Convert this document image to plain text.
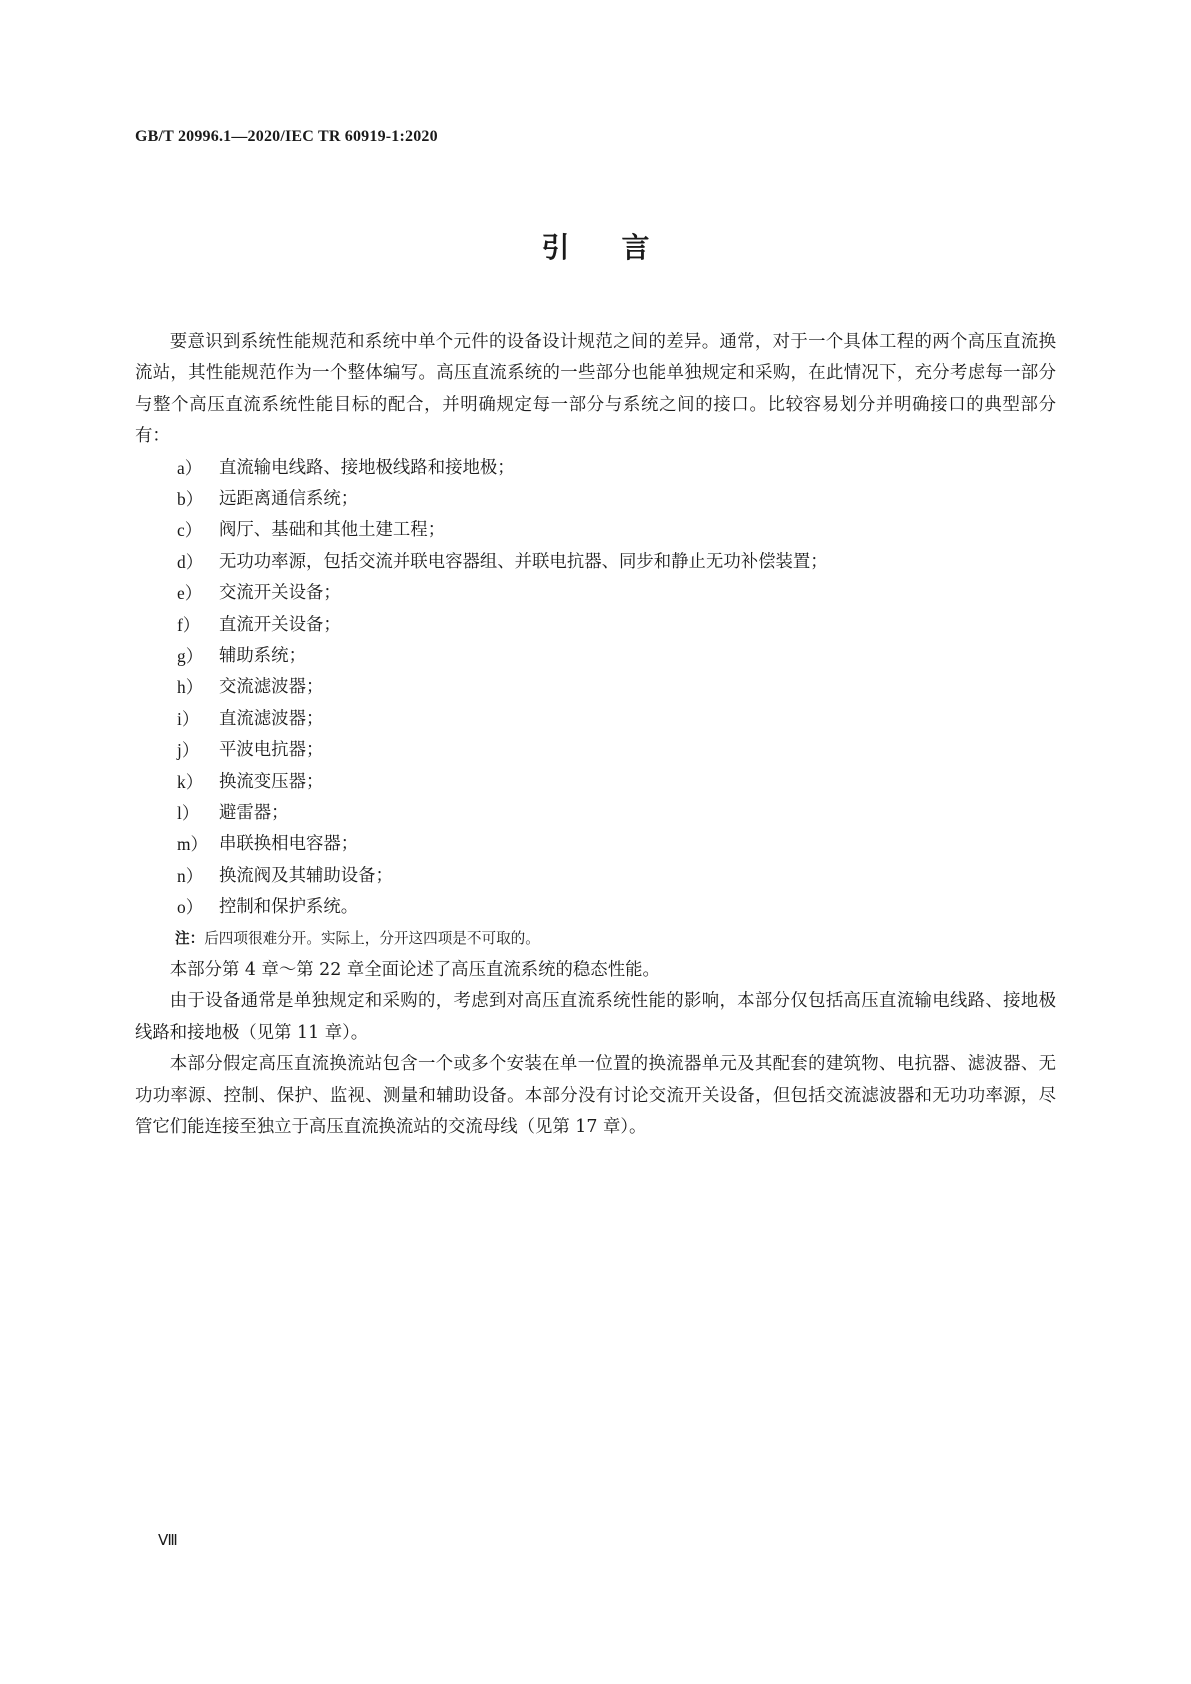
GB/T 20996.1—2020/IEC TR 60919-1:2020
引言

要意识到系统性能规范和系统中单个元件的设备设计规范之间的差异。通常，对于一个具体工程的两个高压直流换流站，其性能规范作为一个整体编写。高压直流系统的一些部分也能单独规定和采购，在此情况下，充分考虑每一部分与整个高压直流系统性能目标的配合，并明确规定每一部分与系统之间的接口。比较容易划分并明确接口的典型部分有：

a） 直流输电线路、接地极线路和接地极；
b） 远距离通信系统；
c） 阀厅、基础和其他土建工程；
d） 无功功率源，包括交流并联电容器组、并联电抗器、同步和静止无功补偿装置；
e） 交流开关设备；
f） 直流开关设备；
g） 辅助系统；
h） 交流滤波器；
i） 直流滤波器；
j） 平波电抗器；
k） 换流变压器；
l） 避雷器；
m） 串联换相电容器；
n） 换流阀及其辅助设备；
o） 控制和保护系统。

注：后四项很难分开。实际上，分开这四项是不可取的。

本部分第 4 章～第 22 章全面论述了高压直流系统的稳态性能。

由于设备通常是单独规定和采购的，考虑到对高压直流系统性能的影响，本部分仅包括高压直流输电线路、接地极线路和接地极（见第 11 章）。

本部分假定高压直流换流站包含一个或多个安装在单一位置的换流器单元及其配套的建筑物、电抗器、滤波器、无功功率源、控制、保护、监视、测量和辅助设备。本部分没有讨论交流开关设备，但包括交流滤波器和无功功率源，尽管它们能连接至独立于高压直流换流站的交流母线（见第 17 章）。

Ⅷ
